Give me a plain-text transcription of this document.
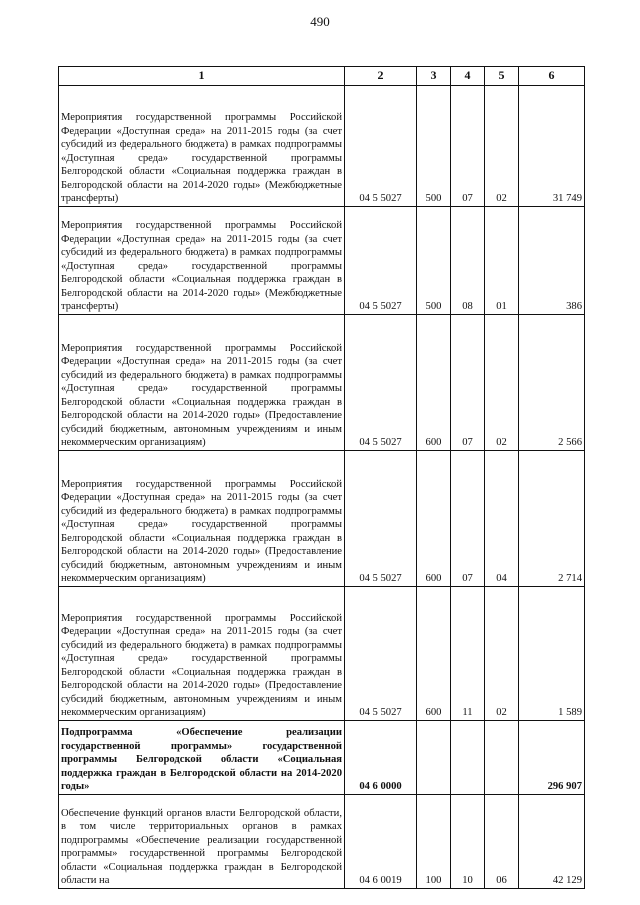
490
1	2	3	4	5	6
Мероприятия государственной программы Российской Федерации «Доступная среда» на 2011-2015 годы (за счет субсидий из федерального бюджета) в рамках подпрограммы «Доступная среда» государственной программы Белгородской области «Социальная поддержка граждан в Белгородской области на 2014-2020 годы» (Межбюджетные трансферты)	04 5 5027	500	07	02	31 749
Мероприятия государственной программы Российской Федерации «Доступная среда» на 2011-2015 годы (за счет субсидий из федерального бюджета) в рамках подпрограммы «Доступная среда» государственной программы Белгородской области «Социальная поддержка граждан в Белгородской области на 2014-2020 годы» (Межбюджетные трансферты)	04 5 5027	500	08	01	386
Мероприятия государственной программы Российской Федерации «Доступная среда» на 2011-2015 годы (за счет субсидий из федерального бюджета) в рамках подпрограммы «Доступная среда» государственной программы Белгородской области «Социальная поддержка граждан в Белгородской области на 2014-2020 годы» (Предоставление субсидий бюджетным, автономным учреждениям и иным некоммерческим организациям)	04 5 5027	600	07	02	2 566
Мероприятия государственной программы Российской Федерации «Доступная среда» на 2011-2015 годы (за счет субсидий из федерального бюджета) в рамках подпрограммы «Доступная среда» государственной программы Белгородской области «Социальная поддержка граждан в Белгородской области на 2014-2020 годы» (Предоставление субсидий бюджетным, автономным учреждениям и иным некоммерческим организациям)	04 5 5027	600	07	04	2 714
Мероприятия государственной программы Российской Федерации «Доступная среда» на 2011-2015 годы (за счет субсидий из федерального бюджета) в рамках подпрограммы «Доступная среда» государственной программы Белгородской области «Социальная поддержка граждан в Белгородской области на 2014-2020 годы» (Предоставление субсидий бюджетным, автономным учреждениям и иным некоммерческим организациям)	04 5 5027	600	11	02	1 589
Подпрограмма «Обеспечение реализации государственной программы» государственной программы Белгородской области «Социальная поддержка граждан в Белгородской области на 2014-2020 годы»	04 6 0000				296 907
Обеспечение функций органов власти Белгородской области, в том числе территориальных органов в рамках подпрограммы «Обеспечение реализации государственной программы» государственной программы Белгородской области «Социальная поддержка граждан в Белгородской области на	04 6 0019	100	10	06	42 129
